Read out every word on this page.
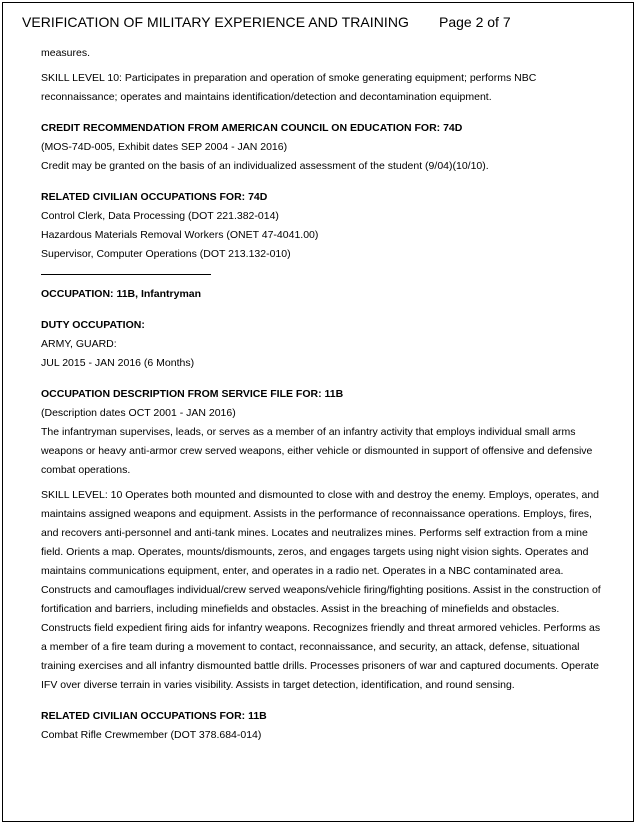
VERIFICATION OF MILITARY EXPERIENCE AND TRAINING Page 2 of 7

measures.

SKILL LEVEL 10: Participates in preparation and operation of smoke generating equipment; performs NBC reconnaissance; operates and maintains identification/detection and decontamination equipment.

CREDIT RECOMMENDATION FROM AMERICAN COUNCIL ON EDUCATION FOR: 74D

(MOS-74D-005, Exhibit dates SEP 2004 - JAN 2016)

Credit may be granted on the basis of an individualized assessment of the student (9/04)(10/10).

RELATED CIVILIAN OCCUPATIONS FOR: 74D

Control Clerk, Data Processing (DOT 221.382-014)

Hazardous Materials Removal Workers (ONET 47-4041.00)

Supervisor, Computer Operations (DOT 213.132-010)

OCCUPATION: 11B, Infantryman

DUTY OCCUPATION:

ARMY, GUARD:

JUL 2015 - JAN 2016 (6 Months)

OCCUPATION DESCRIPTION FROM SERVICE FILE FOR: 11B

(Description dates OCT 2001 - JAN 2016)

The infantryman supervises, leads, or serves as a member of an infantry activity that employs individual small arms weapons or heavy anti-armor crew served weapons, either vehicle or dismounted in support of offensive and defensive combat operations.

SKILL LEVEL: 10 Operates both mounted and dismounted to close with and destroy the enemy. Employs, operates, and maintains assigned weapons and equipment. Assists in the performance of reconnaissance operations. Employs, fires, and recovers anti-personnel and anti-tank mines. Locates and neutralizes mines. Performs self extraction from a mine field. Orients a map. Operates, mounts/dismounts, zeros, and engages targets using night vision sights. Operates and maintains communications equipment, enter, and operates in a radio net. Operates in a NBC contaminated area. Constructs and camouflages individual/crew served weapons/vehicle firing/fighting positions. Assist in the construction of fortification and barriers, including minefields and obstacles. Assist in the breaching of minefields and obstacles. Constructs field expedient firing aids for infantry weapons. Recognizes friendly and threat armored vehicles. Performs as a member of a fire team during a movement to contact, reconnaissance, and security, an attack, defense, situational training exercises and all infantry dismounted battle drills. Processes prisoners of war and captured documents. Operate IFV over diverse terrain in varies visibility. Assists in target detection, identification, and round sensing.

RELATED CIVILIAN OCCUPATIONS FOR: 11B

Combat Rifle Crewmember (DOT 378.684-014)
